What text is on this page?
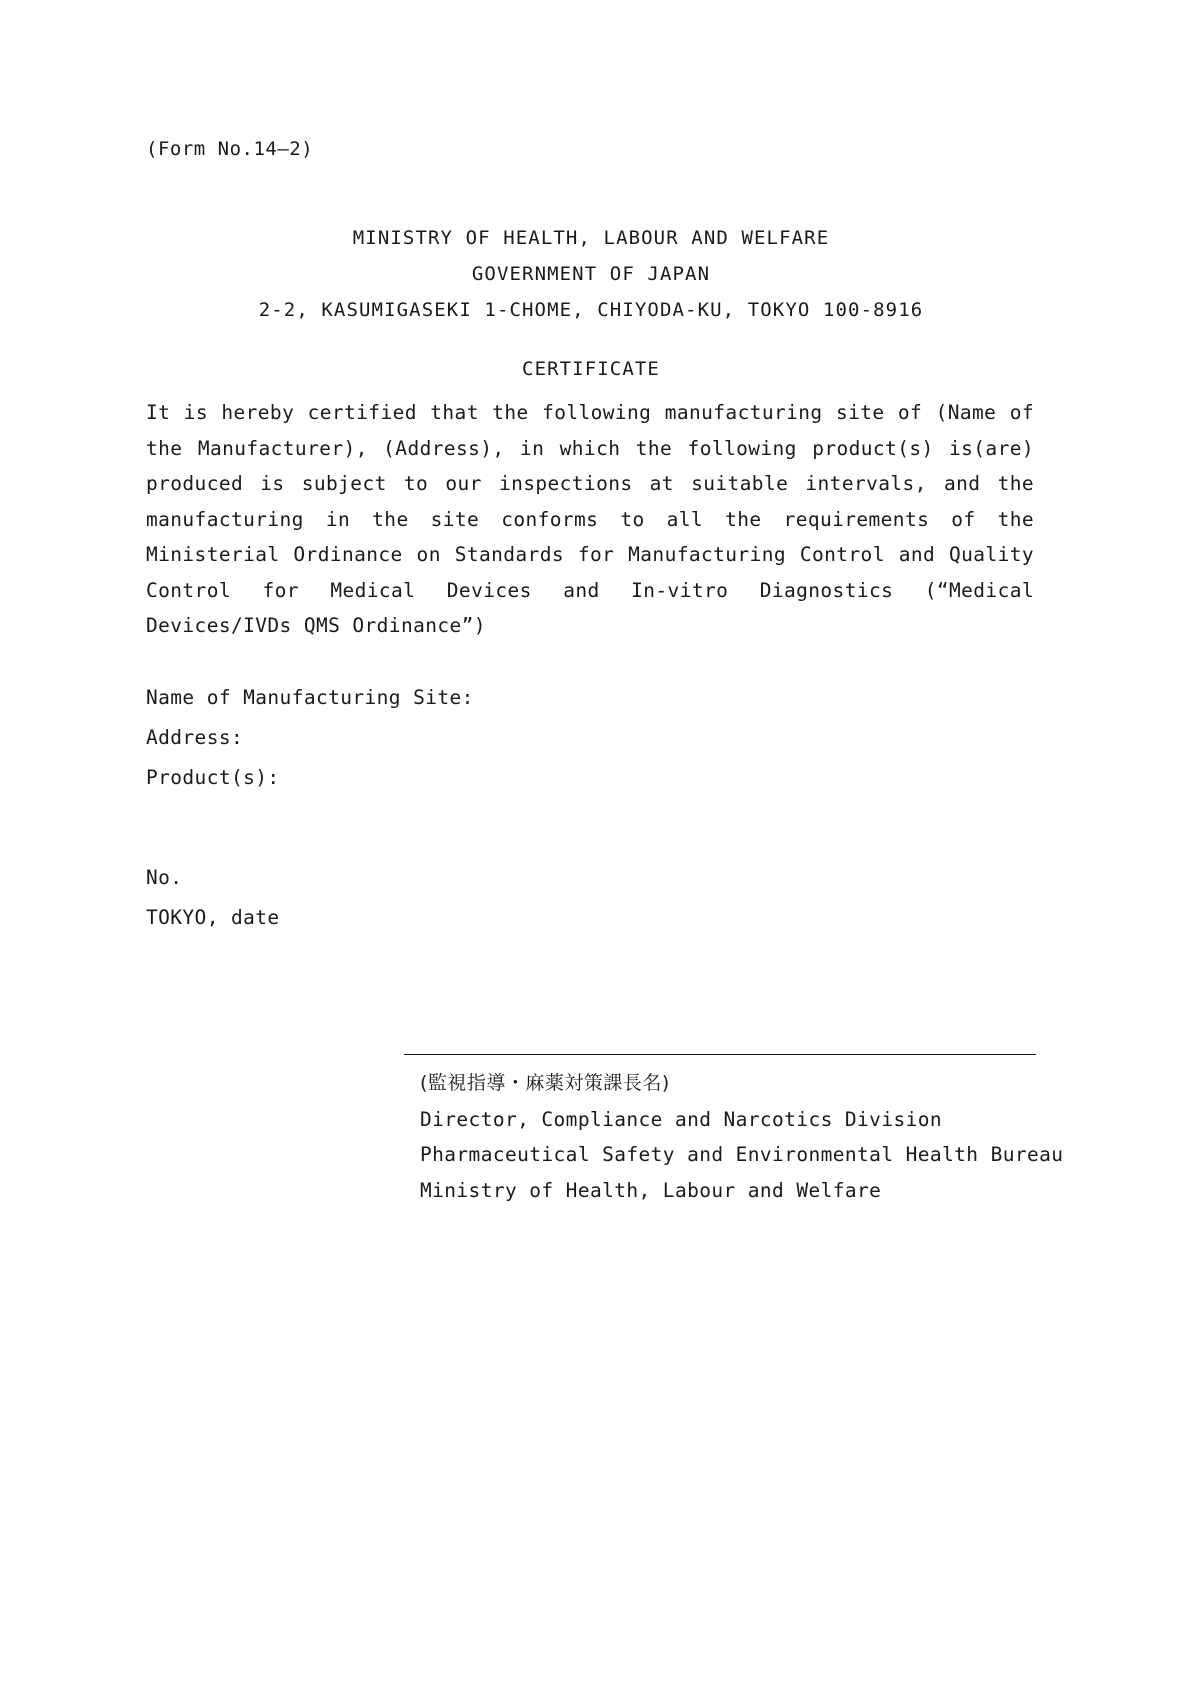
(Form No.14—2)
MINISTRY OF HEALTH, LABOUR AND WELFARE
GOVERNMENT OF JAPAN
2-2, KASUMIGASEKI 1-CHOME, CHIYODA-KU, TOKYO 100-8916
CERTIFICATE
It is hereby certified that the following manufacturing site of (Name of the Manufacturer), (Address), in which the following product(s) is(are) produced is subject to our inspections at suitable intervals, and the manufacturing in the site conforms to all the requirements of the Ministerial Ordinance on Standards for Manufacturing Control and Quality Control for Medical Devices and In-vitro Diagnostics (“Medical Devices/IVDs QMS Ordinance”)
Name of Manufacturing Site:
Address:
Product(s):
No.
TOKYO, date
(監視指導・麻薬対策課長名)
Director, Compliance and Narcotics Division
Pharmaceutical Safety and Environmental Health Bureau
Ministry of Health, Labour and Welfare
